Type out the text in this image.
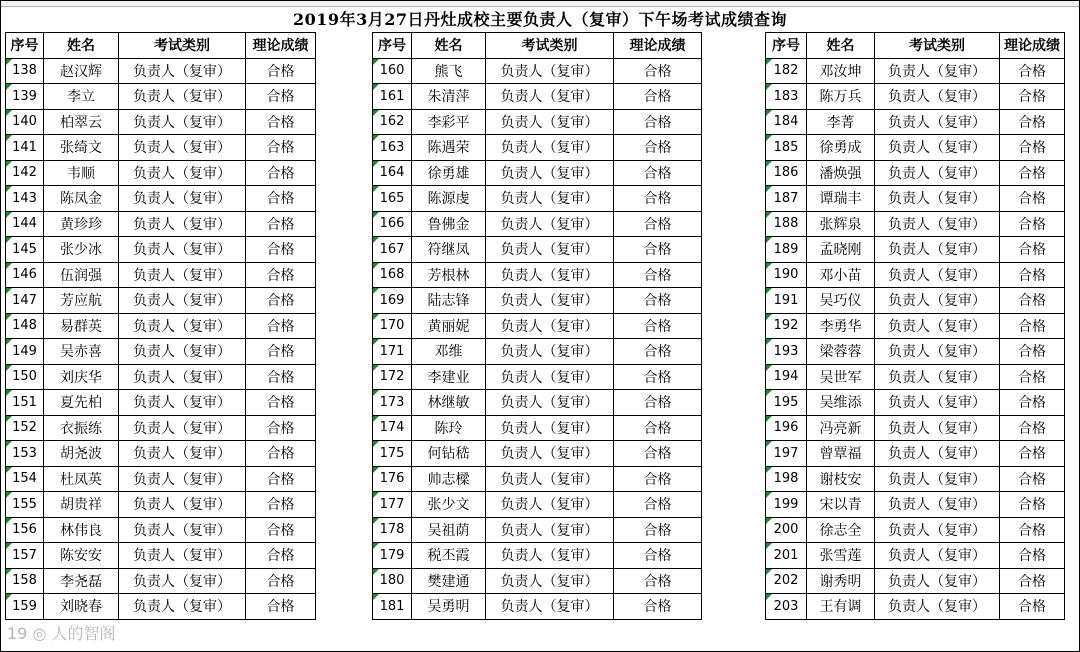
2019年3月27日丹灶成校主要负责人（复审）下午场考试成绩查询
序号	姓名	考试类别	理论成绩
138	赵汉辉	负责人（复审）	合格
139	李立	负责人（复审）	合格
140	柏翠云	负责人（复审）	合格
141	张绮文	负责人（复审）	合格
142	韦顺	负责人（复审）	合格
143	陈凤金	负责人（复审）	合格
144	黄珍珍	负责人（复审）	合格
145	张少冰	负责人（复审）	合格
146	伍润强	负责人（复审）	合格
147	芳应航	负责人（复审）	合格
148	易群英	负责人（复审）	合格
149	吴赤喜	负责人（复审）	合格
150	刘庆华	负责人（复审）	合格
151	夏先柏	负责人（复审）	合格
152	衣振练	负责人（复审）	合格
153	胡尧波	负责人（复审）	合格
154	杜凤英	负责人（复审）	合格
155	胡贵祥	负责人（复审）	合格
156	林伟良	负责人（复审）	合格
157	陈安安	负责人（复审）	合格
158	李尧磊	负责人（复审）	合格
159	刘晓春	负责人（复审）	合格
序号	姓名	考试类别	理论成绩
160	熊飞	负责人（复审）	合格
161	朱清萍	负责人（复审）	合格
162	李彩平	负责人（复审）	合格
163	陈遇荣	负责人（复审）	合格
164	徐勇雄	负责人（复审）	合格
165	陈源虔	负责人（复审）	合格
166	鲁佛金	负责人（复审）	合格
167	符继凤	负责人（复审）	合格
168	芳根林	负责人（复审）	合格
169	陆志锋	负责人（复审）	合格
170	黄丽妮	负责人（复审）	合格
171	邓维	负责人（复审）	合格
172	李建业	负责人（复审）	合格
173	林继敏	负责人（复审）	合格
174	陈玲	负责人（复审）	合格
175	何钻嵇	负责人（复审）	合格
176	帅志樑	负责人（复审）	合格
177	张少文	负责人（复审）	合格
178	吴祖荫	负责人（复审）	合格
179	税丕霞	负责人（复审）	合格
180	樊建通	负责人（复审）	合格
181	吴勇明	负责人（复审）	合格
序号	姓名	考试类别	理论成绩
182	邓汝坤	负责人（复审）	合格
183	陈万兵	负责人（复审）	合格
184	李菁	负责人（复审）	合格
185	徐勇成	负责人（复审）	合格
186	潘焕强	负责人（复审）	合格
187	谭瑞丰	负责人（复审）	合格
188	张辉泉	负责人（复审）	合格
189	孟晓刚	负责人（复审）	合格
190	邓小苗	负责人（复审）	合格
191	吴巧仪	负责人（复审）	合格
192	李勇华	负责人（复审）	合格
193	梁蓉蓉	负责人（复审）	合格
194	吴世军	负责人（复审）	合格
195	吴维添	负责人（复审）	合格
196	冯亮新	负责人（复审）	合格
197	曾覃福	负责人（复审）	合格
198	谢枝安	负责人（复审）	合格
199	宋以青	负责人（复审）	合格
200	徐志全	负责人（复审）	合格
201	张雪莲	负责人（复审）	合格
202	谢秀明	负责人（复审）	合格
203	王有调	负责人（复审）	合格
19 ◎ 人的智阁
